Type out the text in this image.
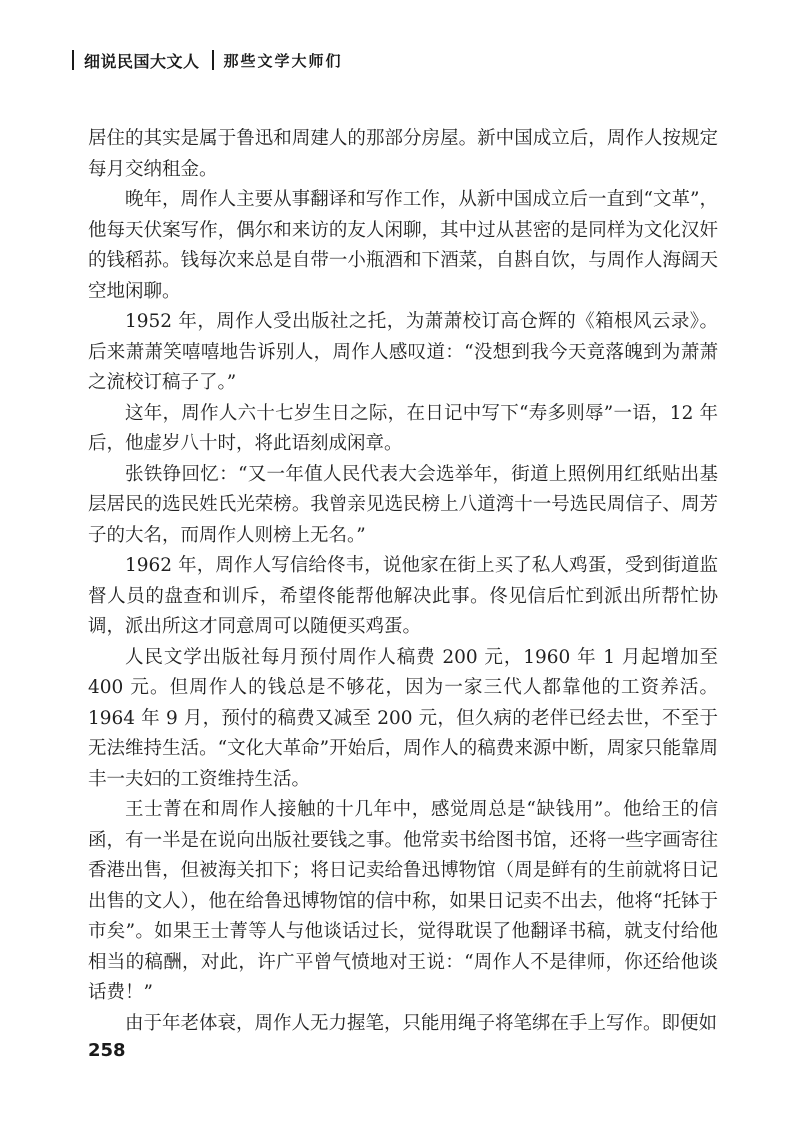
细说民国大文人 那些文学大师们

居住的其实是属于鲁迅和周建人的那部分房屋。新中国成立后，周作人按规定每月交纳租金。

晚年，周作人主要从事翻译和写作工作，从新中国成立后一直到“文革”，他每天伏案写作，偶尔和来访的友人闲聊，其中过从甚密的是同样为文化汉奸的钱稻荪。钱每次来总是自带一小瓶酒和下酒菜，自斟自饮，与周作人海阔天空地闲聊。

1952 年，周作人受出版社之托，为萧萧校订高仓辉的《箱根风云录》。后来萧萧笑嘻嘻地告诉别人，周作人感叹道：“没想到我今天竟落魄到为萧萧之流校订稿子了。”

这年，周作人六十七岁生日之际，在日记中写下“寿多则辱”一语，12 年后，他虚岁八十时，将此语刻成闲章。

张铁铮回忆：“又一年值人民代表大会选举年，街道上照例用红纸贴出基层居民的选民姓氏光荣榜。我曾亲见选民榜上八道湾十一号选民周信子、周芳子的大名，而周作人则榜上无名。”

1962 年，周作人写信给佟韦，说他家在街上买了私人鸡蛋，受到街道监督人员的盘查和训斥，希望佟能帮他解决此事。佟见信后忙到派出所帮忙协调，派出所这才同意周可以随便买鸡蛋。

人民文学出版社每月预付周作人稿费 200 元，1960 年 1 月起增加至 400 元。但周作人的钱总是不够花，因为一家三代人都靠他的工资养活。1964 年 9 月，预付的稿费又减至 200 元，但久病的老伴已经去世，不至于无法维持生活。“文化大革命”开始后，周作人的稿费来源中断，周家只能靠周丰一夫妇的工资维持生活。

王士菁在和周作人接触的十几年中，感觉周总是“缺钱用”。他给王的信函，有一半是在说向出版社要钱之事。他常卖书给图书馆，还将一些字画寄往香港出售，但被海关扣下；将日记卖给鲁迅博物馆（周是鲜有的生前就将日记出售的文人），他在给鲁迅博物馆的信中称，如果日记卖不出去，他将“托钵于市矣”。如果王士菁等人与他谈话过长，觉得耽误了他翻译书稿，就支付给他相当的稿酬，对此，许广平曾气愤地对王说：“周作人不是律师，你还给他谈话费！”

由于年老体衰，周作人无力握笔，只能用绳子将笔绑在手上写作。即便如

258
